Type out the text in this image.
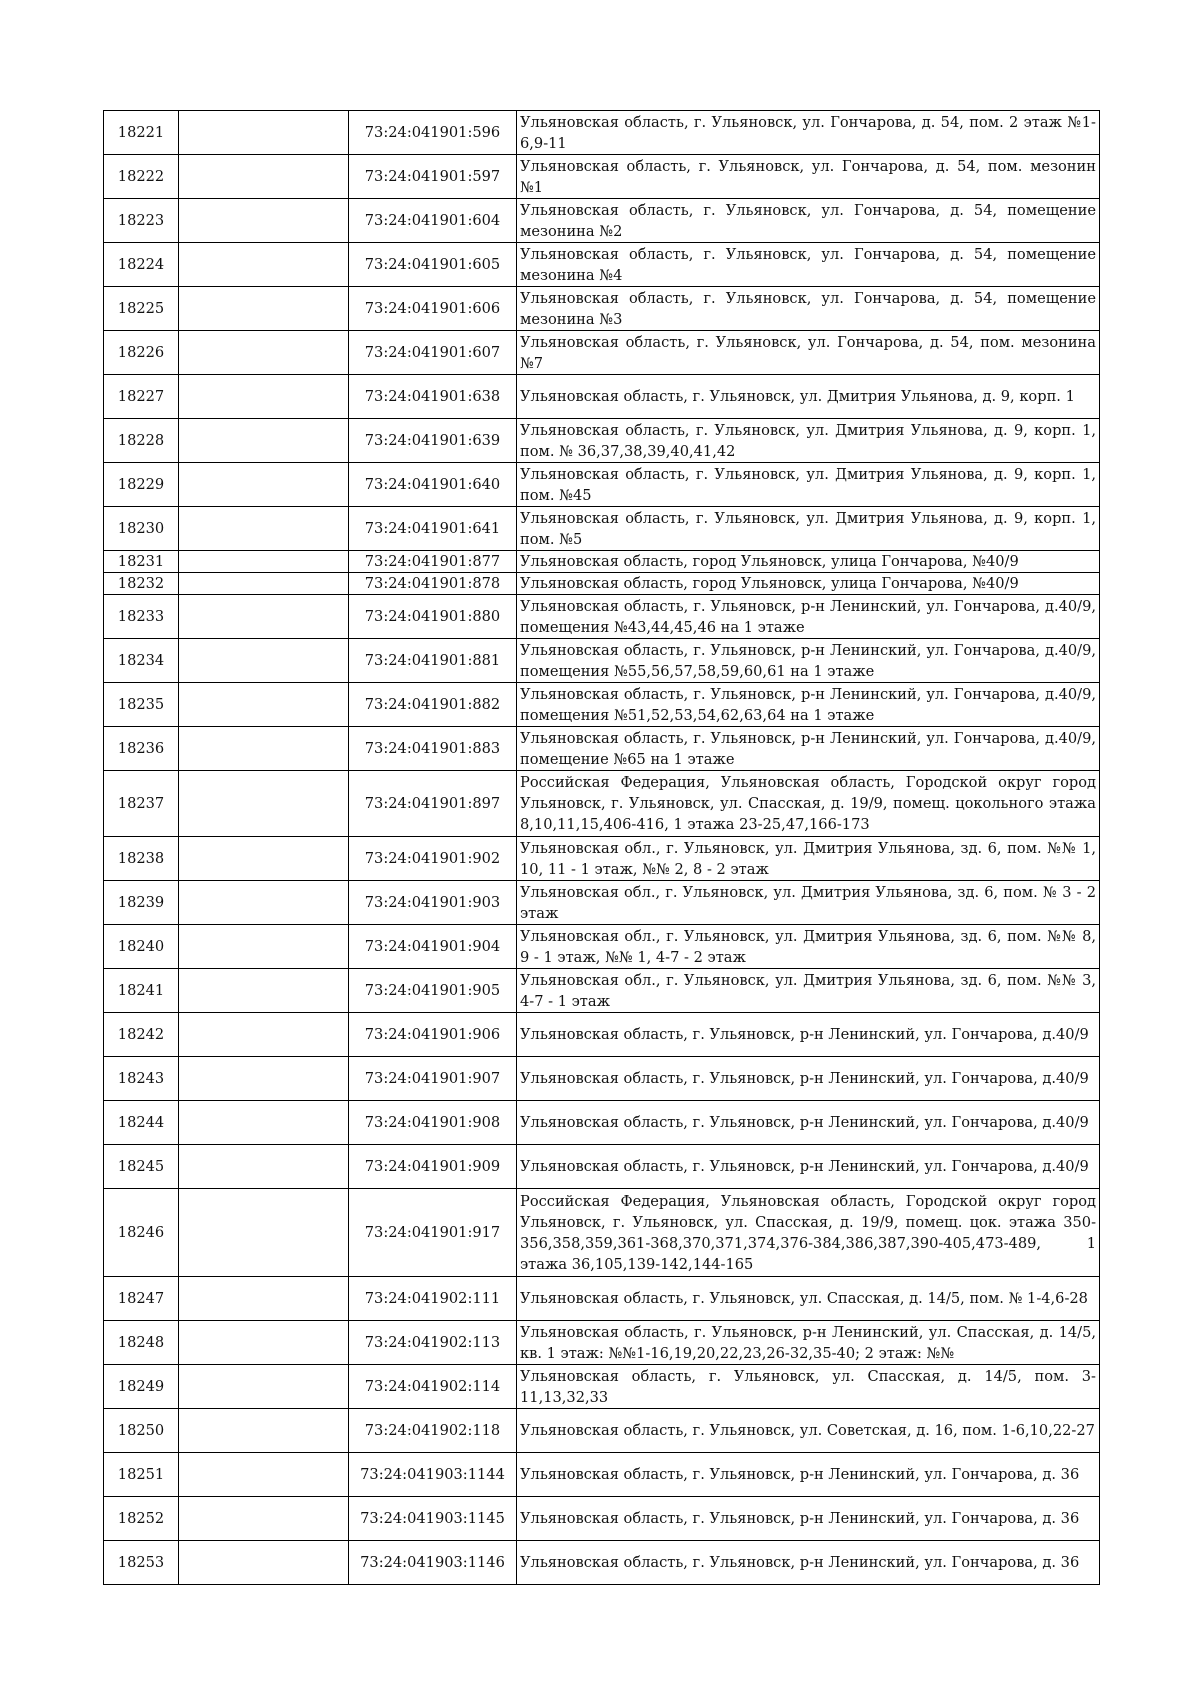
18221		73:24:041901:596	Ульяновская область, г. Ульяновск, ул. Гончарова, д. 54, пом. 2 этаж №1-6,9-11
18222		73:24:041901:597	Ульяновская область, г. Ульяновск, ул. Гончарова, д. 54, пом. мезонин №1
18223		73:24:041901:604	Ульяновская область, г. Ульяновск, ул. Гончарова, д. 54, помещение мезонина №2
18224		73:24:041901:605	Ульяновская область, г. Ульяновск, ул. Гончарова, д. 54, помещение мезонина №4
18225		73:24:041901:606	Ульяновская область, г. Ульяновск, ул. Гончарова, д. 54, помещение мезонина №3
18226		73:24:041901:607	Ульяновская область, г. Ульяновск, ул. Гончарова, д. 54, пом. мезонина №7
18227		73:24:041901:638	Ульяновская область, г. Ульяновск, ул. Дмитрия Ульянова, д. 9, корп. 1
18228		73:24:041901:639	Ульяновская область, г. Ульяновск, ул. Дмитрия Ульянова, д. 9, корп. 1, пом. № 36,37,38,39,40,41,42
18229		73:24:041901:640	Ульяновская область, г. Ульяновск, ул. Дмитрия Ульянова, д. 9, корп. 1, пом. №45
18230		73:24:041901:641	Ульяновская область, г. Ульяновск, ул. Дмитрия Ульянова, д. 9, корп. 1, пом. №5
18231		73:24:041901:877	Ульяновская область, город Ульяновск, улица Гончарова, №40/9
18232		73:24:041901:878	Ульяновская область, город Ульяновск, улица Гончарова, №40/9
18233		73:24:041901:880	Ульяновская область, г. Ульяновск, р-н Ленинский, ул. Гончарова, д.40/9, помещения №43,44,45,46 на 1 этаже
18234		73:24:041901:881	Ульяновская область, г. Ульяновск, р-н Ленинский, ул. Гончарова, д.40/9, помещения №55,56,57,58,59,60,61 на 1 этаже
18235		73:24:041901:882	Ульяновская область, г. Ульяновск, р-н Ленинский, ул. Гончарова, д.40/9, помещения №51,52,53,54,62,63,64 на 1 этаже
18236		73:24:041901:883	Ульяновская область, г. Ульяновск, р-н Ленинский, ул. Гончарова, д.40/9, помещение №65 на 1 этаже
18237		73:24:041901:897	Российская Федерация, Ульяновская область, Городской округ город Ульяновск, г. Ульяновск, ул. Спасская, д. 19/9, помещ. цокольного этажа 8,10,11,15,406-416, 1 этажа 23-25,47,166-173
18238		73:24:041901:902	Ульяновская обл., г. Ульяновск, ул. Дмитрия Ульянова, зд. 6, пом. №№ 1, 10, 11 - 1 этаж, №№ 2, 8 - 2 этаж
18239		73:24:041901:903	Ульяновская обл., г. Ульяновск, ул. Дмитрия Ульянова, зд. 6, пом. № 3 - 2 этаж
18240		73:24:041901:904	Ульяновская обл., г. Ульяновск, ул. Дмитрия Ульянова, зд. 6, пом. №№ 8, 9 - 1 этаж, №№ 1, 4-7 - 2 этаж
18241		73:24:041901:905	Ульяновская обл., г. Ульяновск, ул. Дмитрия Ульянова, зд. 6, пом. №№ 3, 4-7 - 1 этаж
18242		73:24:041901:906	Ульяновская область, г. Ульяновск, р-н Ленинский, ул. Гончарова, д.40/9
18243		73:24:041901:907	Ульяновская область, г. Ульяновск, р-н Ленинский, ул. Гончарова, д.40/9
18244		73:24:041901:908	Ульяновская область, г. Ульяновск, р-н Ленинский, ул. Гончарова, д.40/9
18245		73:24:041901:909	Ульяновская область, г. Ульяновск, р-н Ленинский, ул. Гончарова, д.40/9
18246		73:24:041901:917	Российская Федерация, Ульяновская область, Городской округ город Ульяновск, г. Ульяновск, ул. Спасская, д. 19/9, помещ. цок. этажа 350-356,358,359,361-368,370,371,374,376-384,386,387,390-405,473-489, 1 этажа 36,105,139-142,144-165
18247		73:24:041902:111	Ульяновская область, г. Ульяновск, ул. Спасская, д. 14/5, пом. № 1-4,6-28
18248		73:24:041902:113	Ульяновская область, г. Ульяновск, р-н Ленинский, ул. Спасская, д. 14/5, кв. 1 этаж: №№1-16,19,20,22,23,26-32,35-40; 2 этаж: №№
18249		73:24:041902:114	Ульяновская область, г. Ульяновск, ул. Спасская, д. 14/5, пом. 3-11,13,32,33
18250		73:24:041902:118	Ульяновская область, г. Ульяновск, ул. Советская, д. 16, пом. 1-6,10,22-27
18251		73:24:041903:1144	Ульяновская область, г. Ульяновск, р-н Ленинский, ул. Гончарова, д. 36
18252		73:24:041903:1145	Ульяновская область, г. Ульяновск, р-н Ленинский, ул. Гончарова, д. 36
18253		73:24:041903:1146	Ульяновская область, г. Ульяновск, р-н Ленинский, ул. Гончарова, д. 36
